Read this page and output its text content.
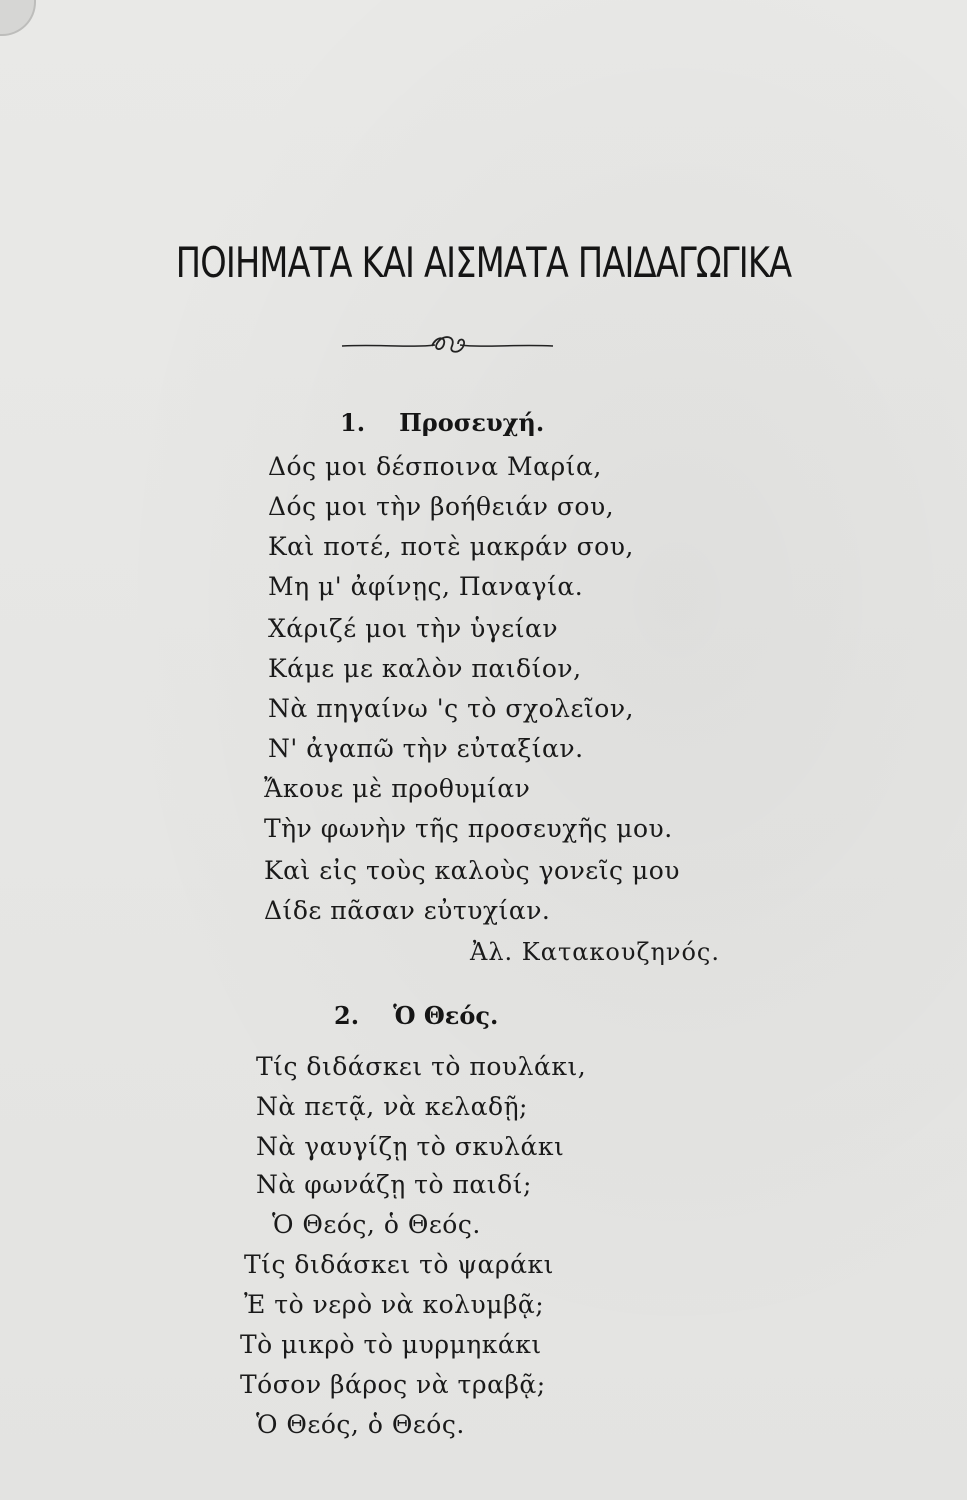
ΠΟΙΗΜΑΤΑ ΚΑΙ ΑΙΣΜΑΤΑ ΠΑΙΔΑΓΩΓΙΚΑ
1. Προσευχή.
Δός μοι δέσποινα Μαρία,
Δός μοι τὴν βοήθειάν σου,
Καὶ ποτέ, ποτὲ μακράν σου,
Μη μ' ἀφίνῃς, Παναγία.
Χάριζέ μοι τὴν ὑγείαν
Κάμε με καλὸν παιδίον,
Νὰ πηγαίνω 'ς τὸ σχολεῖον,
Ν' ἀγαπῶ τὴν εὐταξίαν.
Ἄκουε μὲ προθυμίαν
Τὴν φωνὴν τῆς προσευχῆς μου.
Καὶ εἰς τοὺς καλοὺς γονεῖς μου
Δίδε πᾶσαν εὐτυχίαν.
Ἀλ. Κατακουζηνός.
2. Ὁ Θεός.
Τίς διδάσκει τὸ πουλάκι,
Νὰ πετᾷ, νὰ κελαδῇ;
Νὰ γαυγίζῃ τὸ σκυλάκι
Νὰ φωνάζῃ τὸ παιδί;
Ὁ Θεός, ὁ Θεός.
Τίς διδάσκει τὸ ψαράκι
Ἐ τὸ νερὸ νὰ κολυμβᾷ;
Τὸ μικρὸ τὸ μυρμηκάκι
Τόσον βάρος νὰ τραβᾷ;
Ὁ Θεός, ὁ Θεός.
